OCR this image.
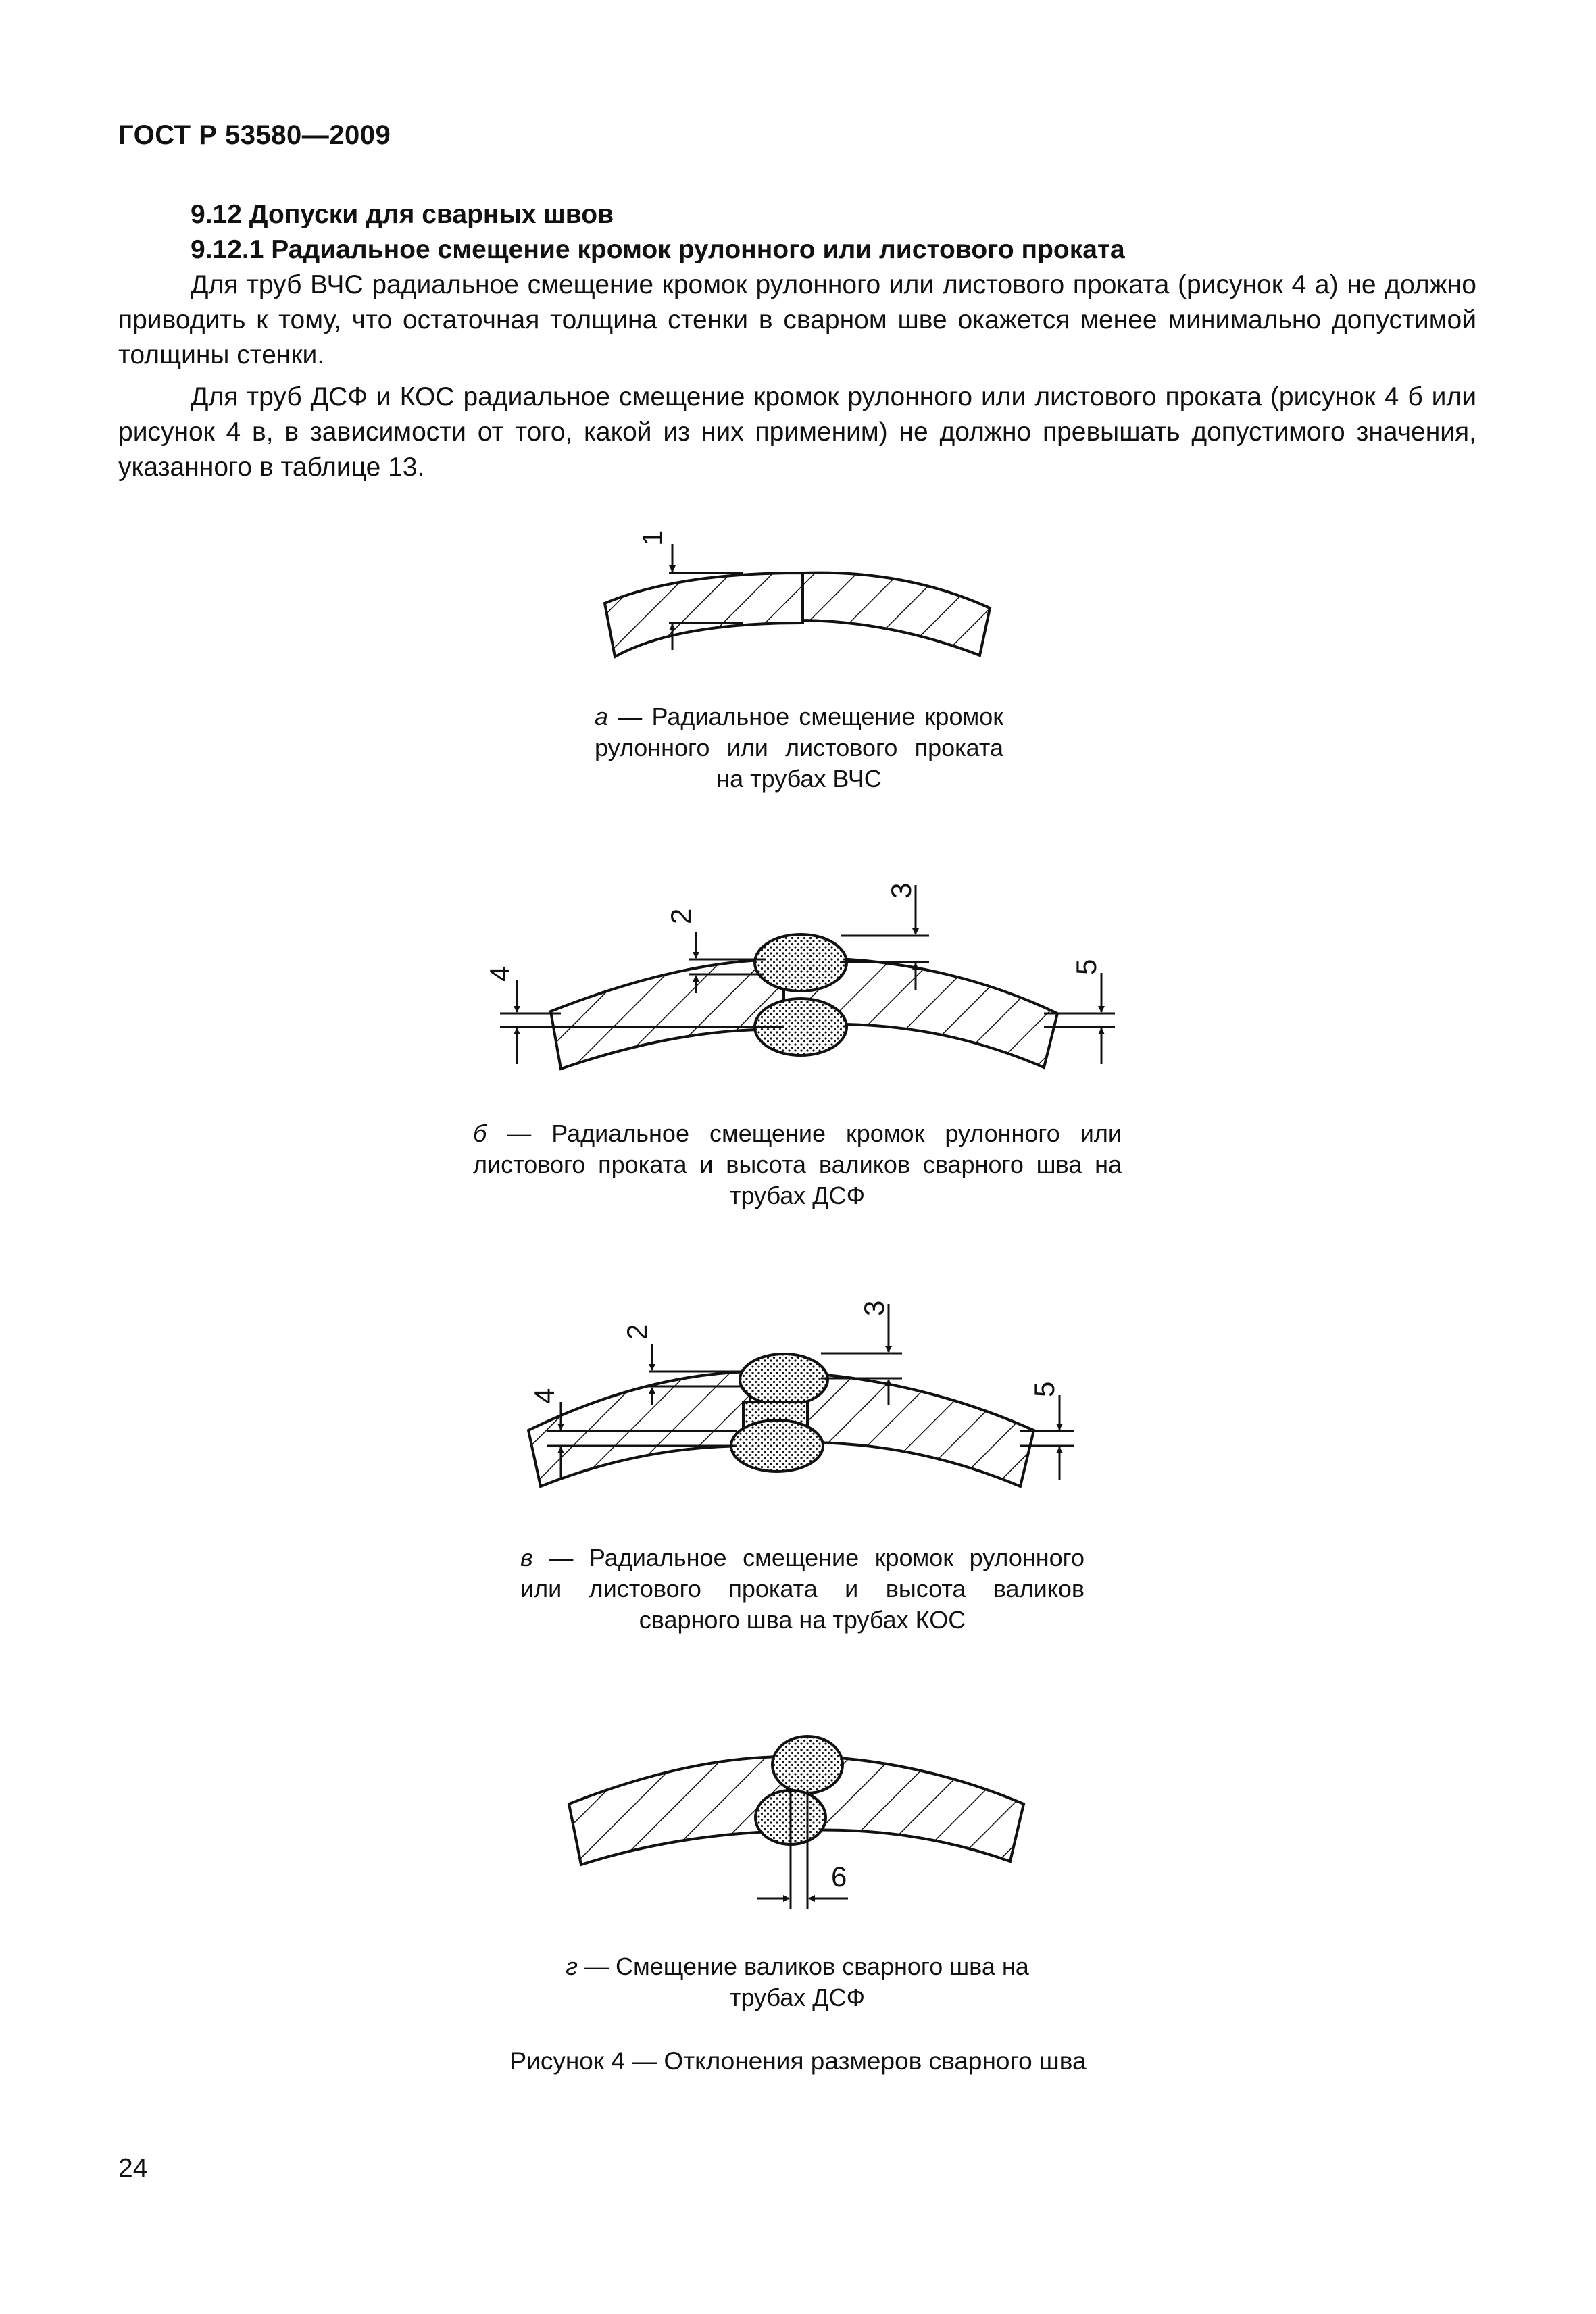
ГОСТ Р 53580—2009
9.12 Допуски для сварных швов
9.12.1 Радиальное смещение кромок рулонного или листового проката

Для труб ВЧС радиальное смещение кромок рулонного или листового проката (рисунок 4 а) не должно приводить к тому, что остаточная толщина стенки в сварном шве окажется менее минимально допустимой толщины стенки.

Для труб ДСФ и КОС радиальное смещение кромок рулонного или листового проката (рисунок 4 б или рисунок 4 в, в зависимости от того, какой из них применим) не должно превышать допустимого значения, указанного в таблице 13.

1
2
3
4	5
2
3
4	5
6
а — Радиальное смещение кромок рулонного или листового проката на трубах ВЧС
б — Радиальное смещение кромок рулонного или листового проката и высота валиков сварного шва на трубах ДСФ
в — Радиальное смещение кромок рулонного или листового проката и высота валиков сварного шва на трубах КОС
г — Смещение валиков сварного шва на трубах ДСФ
Рисунок 4 — Отклонения размеров сварного шва
24
